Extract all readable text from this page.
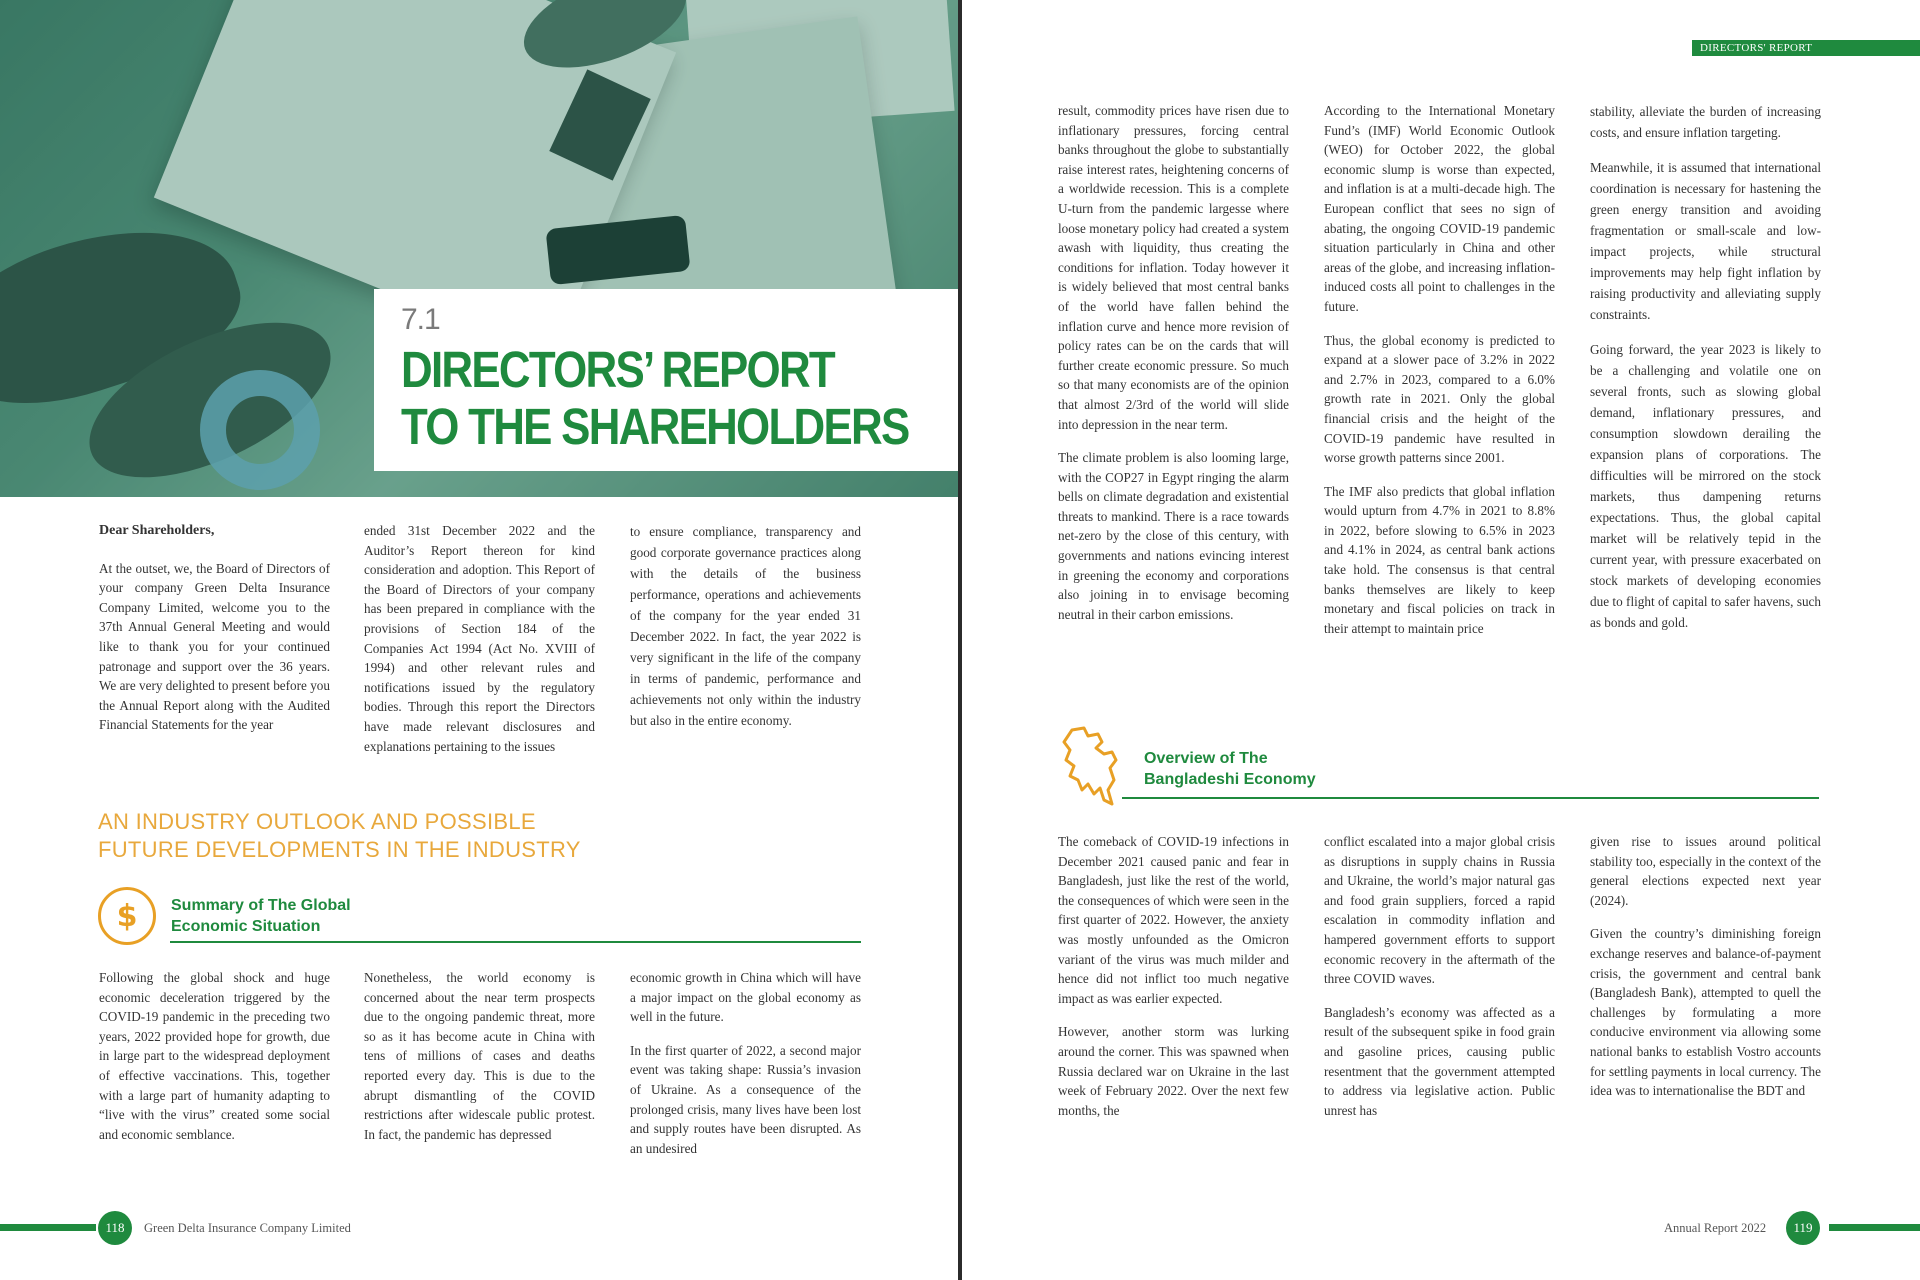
7.1
DIRECTORS’ REPORT
TO THE SHAREHOLDERS

Dear Shareholders,

At the outset, we, the Board of Directors of your company Green Delta Insurance Company Limited, welcome you to the 37th Annual General Meeting and would like to thank you for your continued patronage and support over the 36 years. We are very delighted to present before you the Annual Report along with the Audited Financial Statements for the year

ended 31st December 2022 and the Auditor’s Report thereon for kind consideration and adoption. This Report of the Board of Directors of your company has been prepared in compliance with the provisions of Section 184 of the Companies Act 1994 (Act No. XVIII of 1994) and other relevant rules and notifications issued by the regulatory bodies. Through this report the Directors have made relevant disclosures and explanations pertaining to the issues

to ensure compliance, transparency and good corporate governance practices along with the details of the business performance, operations and achievements of the company for the year ended 31 December 2022. In fact, the year 2022 is very significant in the life of the company in terms of pandemic, performance and achievements not only within the industry but also in the entire economy.

AN INDUSTRY OUTLOOK AND POSSIBLE
FUTURE DEVELOPMENTS IN THE INDUSTRY
$	Summary of The Global
Economic Situation

Following the global shock and huge economic deceleration triggered by the COVID-19 pandemic in the preceding two years, 2022 provided hope for growth, due in large part to the widespread deployment of effective vaccinations. This, together with a large part of humanity adapting to “live with the virus” created some social and economic semblance.

Nonetheless, the world economy is concerned about the near term prospects due to the ongoing pandemic threat, more so as it has become acute in China with tens of millions of cases and deaths reported every day. This is due to the abrupt dismantling of the COVID restrictions after widescale public protest. In fact, the pandemic has depressed

economic growth in China which will have a major impact on the global economy as well in the future.

In the first quarter of 2022, a second major event was taking shape: Russia’s invasion of Ukraine. As a consequence of the prolonged crisis, many lives have been lost and supply routes have been disrupted. As an undesired

118	Green Delta Insurance Company Limited
DIRECTORS' REPORT

result, commodity prices have risen due to inflationary pressures, forcing central banks throughout the globe to substantially raise interest rates, heightening concerns of a worldwide recession. This is a complete U-turn from the pandemic largesse where loose monetary policy had created a system awash with liquidity, thus creating the conditions for inflation. Today however it is widely believed that most central banks of the world have fallen behind the inflation curve and hence more revision of policy rates can be on the cards that will further create economic pressure. So much so that many economists are of the opinion that almost 2/3rd of the world will slide into depression in the near term.

The climate problem is also looming large, with the COP27 in Egypt ringing the alarm bells on climate degradation and existential threats to mankind. There is a race towards net-zero by the close of this century, with governments and nations evincing interest in greening the economy and corporations also joining in to envisage becoming neutral in their carbon emissions.

According to the International Monetary Fund’s (IMF) World Economic Outlook (WEO) for October 2022, the global economic slump is worse than expected, and inflation is at a multi-decade high. The European conflict that sees no sign of abating, the ongoing COVID-19 pandemic situation particularly in China and other areas of the globe, and increasing inflation-induced costs all point to challenges in the future.

Thus, the global economy is predicted to expand at a slower pace of 3.2% in 2022 and 2.7% in 2023, compared to a 6.0% growth rate in 2021. Only the global financial crisis and the height of the COVID-19 pandemic have resulted in worse growth patterns since 2001.

The IMF also predicts that global inflation would upturn from 4.7% in 2021 to 8.8% in 2022, before slowing to 6.5% in 2023 and 4.1% in 2024, as central bank actions take hold. The consensus is that central banks themselves are likely to keep monetary and fiscal policies on track in their attempt to maintain price

stability, alleviate the burden of increasing costs, and ensure inflation targeting.

Meanwhile, it is assumed that international coordination is necessary for hastening the green energy transition and avoiding fragmentation or small-scale and low-impact projects, while structural improvements may help fight inflation by raising productivity and alleviating supply constraints.

Going forward, the year 2023 is likely to be a challenging and volatile one on several fronts, such as slowing global demand, inflationary pressures, and consumption slowdown derailing the expansion plans of corporations. The difficulties will be mirrored on the stock markets, thus dampening returns expectations. Thus, the global capital market will be relatively tepid in the current year, with pressure exacerbated on stock markets of developing economies due to flight of capital to safer havens, such as bonds and gold.

Overview of The
Bangladeshi Economy

The comeback of COVID-19 infections in December 2021 caused panic and fear in Bangladesh, just like the rest of the world, the consequences of which were seen in the first quarter of 2022. However, the anxiety was mostly unfounded as the Omicron variant of the virus was much milder and hence did not inflict too much negative impact as was earlier expected.

However, another storm was lurking around the corner. This was spawned when Russia declared war on Ukraine in the last week of February 2022. Over the next few months, the

conflict escalated into a major global crisis as disruptions in supply chains in Russia and Ukraine, the world’s major natural gas and food grain suppliers, forced a rapid escalation in commodity inflation and hampered government efforts to support economic recovery in the aftermath of the three COVID waves.

Bangladesh’s economy was affected as a result of the subsequent spike in food grain and gasoline prices, causing public resentment that the government attempted to address via legislative action. Public unrest has

given rise to issues around political stability too, especially in the context of the general elections expected next year (2024).

Given the country’s diminishing foreign exchange reserves and balance-of-payment crisis, the government and central bank (Bangladesh Bank), attempted to quell the challenges by formulating a more conducive environment via allowing some national banks to establish Vostro accounts for settling payments in local currency. The idea was to internationalise the BDT and

Annual Report 2022	119
